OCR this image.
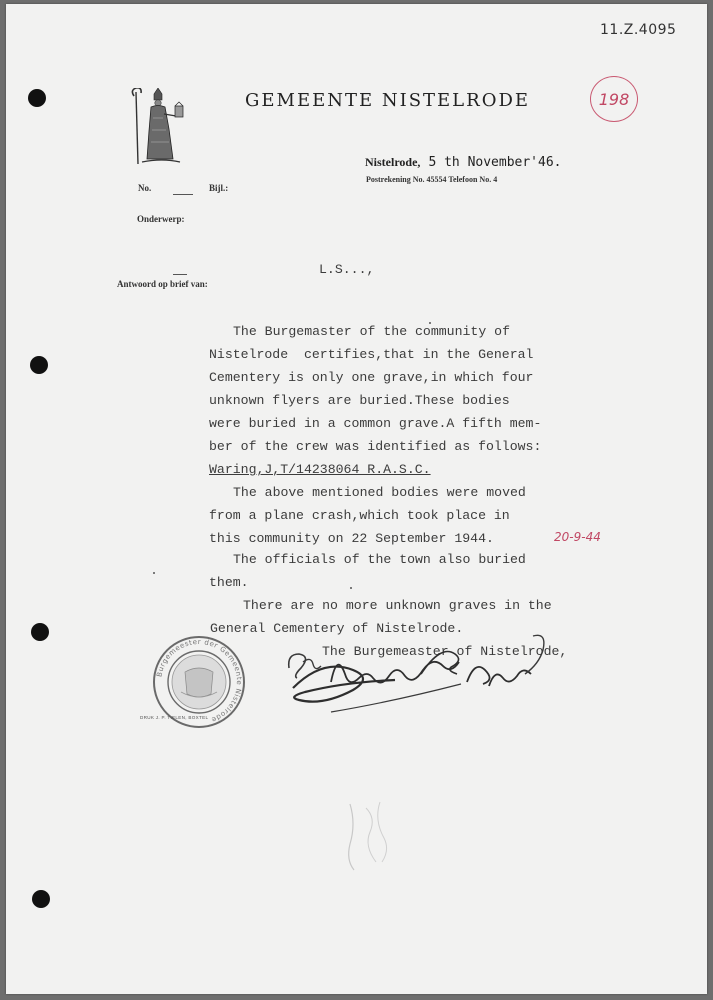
11.Z.4095
198
GEMEENTE NISTELRODE
Nistelrode, 5 th November'46.
Postrekening No. 45554 Telefoon No. 4
No.	Bijl.:
Onderwerp:
Antwoord op brief van:
L.S...,
The Burgemaster of the community of
Nistelrode  certifies,that in the General
Cementery is only one grave,in which four
unknown flyers are buried.These bodies
were buried in a common grave.A fifth mem-
ber of the crew was identified as follows:
Waring,J,T/14238064 R.A.S.C.
The above mentioned bodies were moved
from a plane crash,which took place in
this community on 22 September 1944.
The officials of the town also buried
them.
There are no more unknown graves in the
General Cementery of Nistelrode.
The Burgemeaster of Nistelrode,
20-9-44
Burgemeester der Gemeente Nistelrode
DRUK J. P. TIELEN, BOXTEL
